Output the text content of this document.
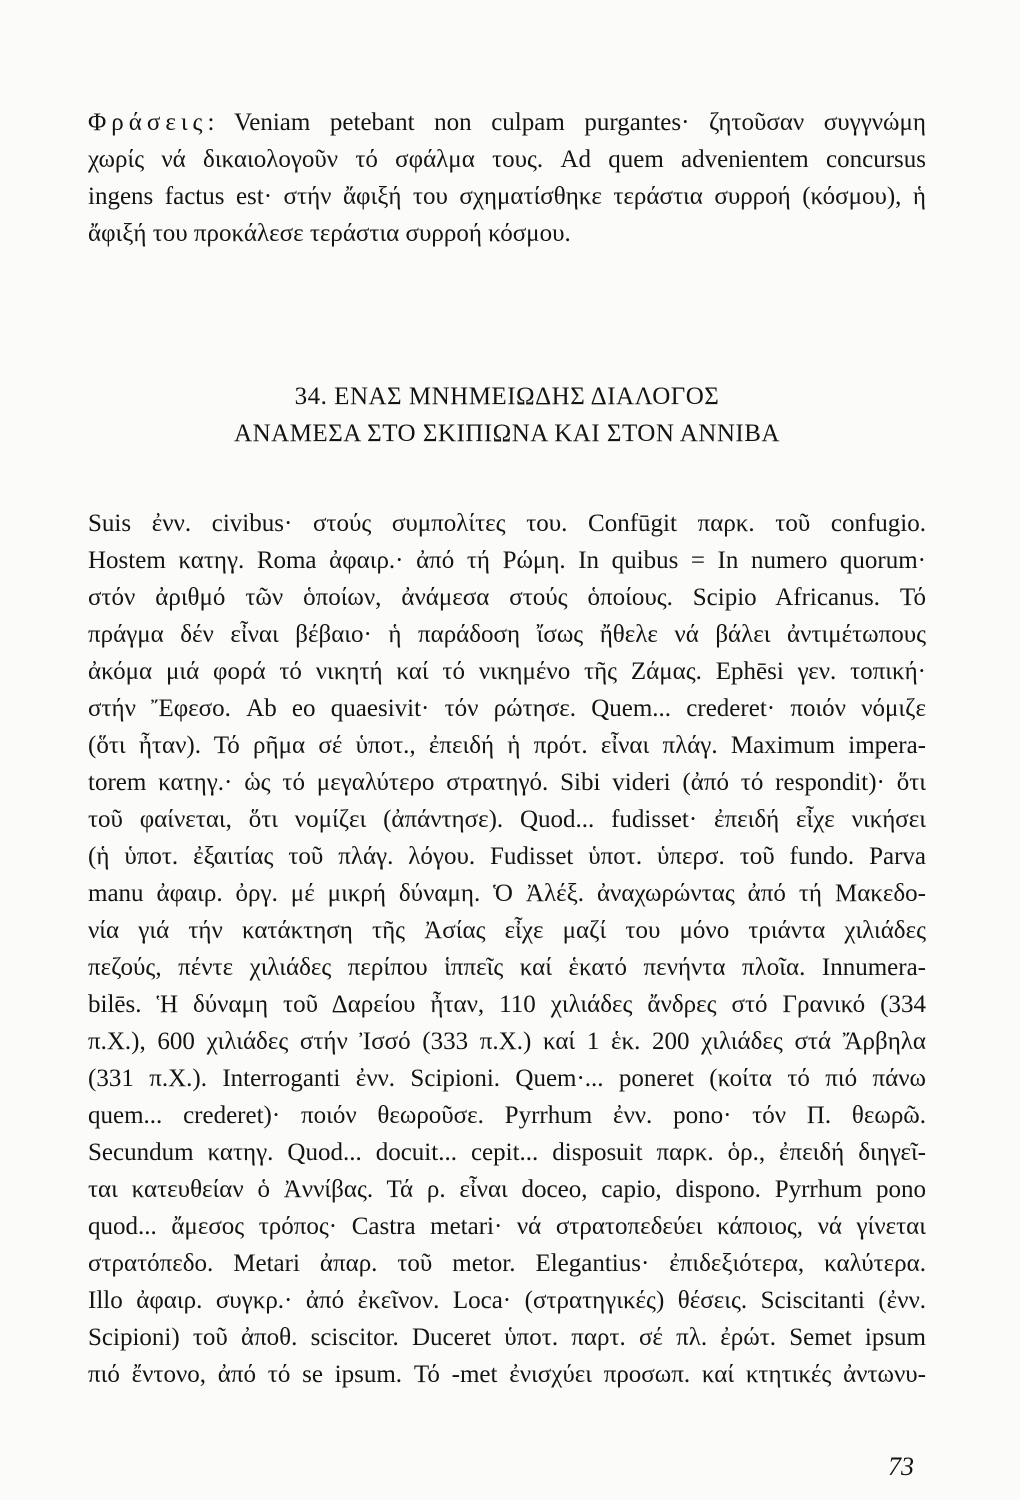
Φράσεις: Veniam petebant non culpam purgantes· ζητοῦσαν συγγνώμη
χωρίς νά δικαιολογοῦν τό σφάλμα τους. Ad quem advenientem concursus
ingens factus est· στήν ἄφιξή του σχηματίσθηκε τεράστια συρροή (κόσμου), ἡ
ἄφιξή του προκάλεσε τεράστια συρροή κόσμου.
34. ΕΝΑΣ ΜΝΗΜΕΙΩΔΗΣ ΔΙΑΛΟΓΟΣ
ΑΝΑΜΕΣΑ ΣΤΟ ΣΚΙΠΙΩΝΑ ΚΑΙ ΣΤΟΝ ΑΝΝΙΒΑ
Suis ἐνν. civibus· στούς συμπολίτες του. Confūgit παρκ. τοῦ confugio.
Hostem κατηγ. Roma ἀφαιρ.· ἀπό τή Ρώμη. In quibus = In numero quorum·
στόν ἀριθμό τῶν ὁποίων, ἀνάμεσα στούς ὁποίους. Scipio Africanus. Τό
πράγμα δέν εἶναι βέβαιο· ἡ παράδοση ἴσως ἤθελε νά βάλει ἀντιμέτωπους
ἀκόμα μιά φορά τό νικητή καί τό νικημένο τῆς Ζάμας. Ephēsi γεν. τοπική·
στήν Ἔφεσο. Ab eo quaesivit· τόν ρώτησε. Quem... crederet· ποιόν νόμιζε
(ὅτι ἦταν). Τό ρῆμα σέ ὑποτ., ἐπειδή ἡ πρότ. εἶναι πλάγ. Maximum impera-
torem κατηγ.· ὡς τό μεγαλύτερο στρατηγό. Sibi videri (ἀπό τό respondit)· ὅτι
τοῦ φαίνεται, ὅτι νομίζει (ἀπάντησε). Quod... fudisset· ἐπειδή εἶχε νικήσει
(ἡ ὑποτ. ἐξαιτίας τοῦ πλάγ. λόγου. Fudisset ὑποτ. ὑπερσ. τοῦ fundo. Parva
manu ἀφαιρ. ὀργ. μέ μικρή δύναμη. Ὁ Ἀλέξ. ἀναχωρώντας ἀπό τή Μακεδο-
νία γιά τήν κατάκτηση τῆς Ἀσίας εἶχε μαζί του μόνο τριάντα χιλιάδες
πεζούς, πέντε χιλιάδες περίπου ἱππεῖς καί ἑκατό πενήντα πλοῖα. Innumera-
bilēs. Ἡ δύναμη τοῦ Δαρείου ἦταν, 110 χιλιάδες ἄνδρες στό Γρανικό (334
π.Χ.), 600 χιλιάδες στήν Ἰσσό (333 π.Χ.) καί 1 ἑκ. 200 χιλιάδες στά Ἄρβηλα
(331 π.Χ.). Interroganti ἐνν. Scipioni. Quem·... poneret (κοίτα τό πιό πάνω
quem... crederet)· ποιόν θεωροῦσε. Pyrrhum ἐνν. pono· τόν Π. θεωρῶ.
Secundum κατηγ. Quod... docuit... cepit... disposuit παρκ. ὁρ., ἐπειδή διηγεῖ-
ται κατευθείαν ὁ Ἀννίβας. Τά ρ. εἶναι doceo, capio, dispono. Pyrrhum pono
quod... ἄμεσος τρόπος· Castra metari· νά στρατοπεδεύει κάποιος, νά γίνεται
στρατόπεδο. Metari ἀπαρ. τοῦ metor. Elegantius· ἐπιδεξιότερα, καλύτερα.
Illo ἀφαιρ. συγκρ.· ἀπό ἐκεῖνον. Loca· (στρατηγικές) θέσεις. Sciscitanti (ἐνν.
Scipioni) τοῦ ἀποθ. sciscitor. Duceret ὑποτ. παρτ. σέ πλ. ἐρώτ. Semet ipsum
πιό ἔντονο, ἀπό τό se ipsum. Τό -met ἐνισχύει προσωπ. καί κτητικές ἀντωνυ-
73
